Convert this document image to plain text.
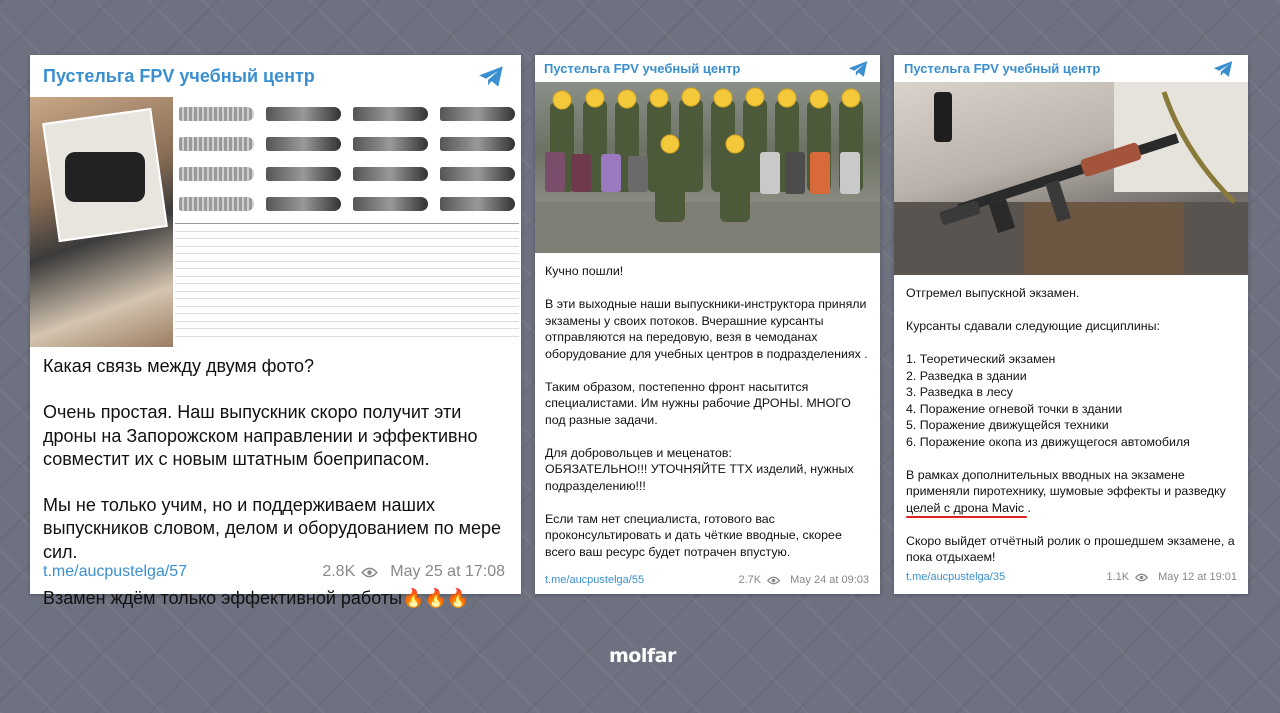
Пустельга FPV учебный центр
Какая связь между двумя фото?

Очень простая. Наш выпускник скоро получит эти дроны на Запорожском направлении и эффективно совместит их с новым штатным боеприпасом.

Мы не только учим, но и поддерживаем наших выпускников словом, делом и оборудованием по мере сил.

Взамен ждём только эффективной работы🔥🔥🔥
t.me/aucpustelga/57	2.8K May 25 at 17:08
Пустельга FPV учебный центр
Кучно пошли!

В эти выходные наши выпускники-инструктора приняли экзамены у своих потоков. Вчерашние курсанты отправляются на передовую, везя в чемоданах оборудование для учебных центров в подразделениях .

Таким образом, постепенно фронт насытится специалистами. Им нужны рабочие ДРОНЫ. МНОГО под разные задачи.

Для добровольцев и меценатов:
ОБЯЗАТЕЛЬНО!!! УТОЧНЯЙТЕ ТТХ изделий, нужных подразделению!!!

Если там нет специалиста, готового вас проконсультировать и дать чёткие вводные, скорее всего ваш ресурс будет потрачен впустую.
t.me/aucpustelga/55	2.7K	May 24 at 09:03
Пустельга FPV учебный центр
Отгремел выпускной экзамен.

Курсанты сдавали следующие дисциплины:

1. Теоретический экзамен
2. Разведка в здании
3. Разведка в лесу
4. Поражение огневой точки в здании
5. Поражение движущейся техники
6. Поражение окопа из движущегося автомобиля

В рамках дополнительных вводных на экзамене применяли пиротехнику, шумовые эффекты и разведку целей с дрона Mavic .

Скоро выйдет отчётный ролик о прошедшем экзамене, а пока отдыхаем!
t.me/aucpustelga/35	1.1K	May 12 at 19:01
molfar
